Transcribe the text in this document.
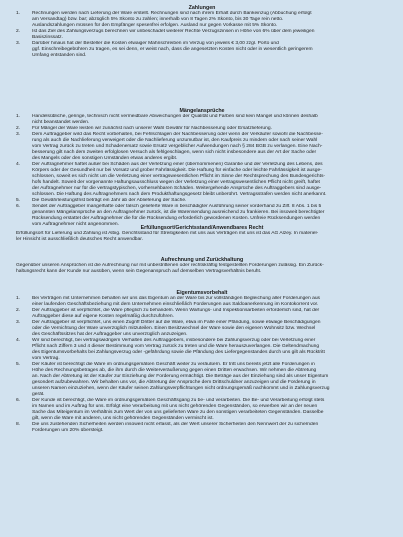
Zahlungen
1.	Rechnungen werden nach Lieferung der Ware erstellt. Rechnungen sind nach ihrem Erhalt durch Bankeinzug (Abbuchung erfolgt
am Versandtag) bzw. bar; abzüglich 5% Skonto zu zahlen; innerhalb von 8 Tagen 2% Skonto, bis 30 Tage rein netto.
Auslandszahlungen müssen für den Empfänger spesenfrei erfolgen. Ausland nur gegen Vorkasse mit 5% Skonto.
2.	Ist das Ziel des Zahlungsverzugs berechnen wir unbeschadet weiterer Rechte Verzugszinsen in Höhe von 6% über dem jeweiligen
Basiszinssatz.
3.	Darüber hinaus hat der Besteller die Kosten etwaiger Mahnschreiben im Verzug von jeweils € 3,00 zzgl. Porto und
ggf. Einschreibegebühren zu tragen, es sei denn, er weist nach, dass die angesetzten Kosten nicht oder in wesentlich geringerem
Umfang entstanden sind.
Mängelansprüche
1.	Handelsübliche, geringe, technisch nicht vermeidbare Abweichungen der Qualität und Farben sind kein Mangel und können deshalb
nicht beanstandet werden.
2.	Für Mängel der Ware leisten wir zunächst nach unserer Wahl Gewähr für Nachbesserung oder Ersatzlieferung.
3.	Dem Auftraggeber wird das Recht vorbehalten, bei Fehlschlagen der Nachbesserung oder wenn der Verkäufer sowohl die Nachbesse-
rung als auch die Nachlieferung verweigert oder die Nachlieferung unzumutbar ist, den Kaufpreis zu mindern oder nach seiner Wahl
vom Vertrag zurück zu treten und Schadenersatz sowie Ersatz vergeblicher Aufwendungen nach § 284 BGB zu verlangen. Eine Nach-
besserung gilt nach dem zweiten erfolglosen Versuch als fehlgeschlagen, wenn sich nicht insbesondere aus der Art der Sache oder
des Mangels oder den sonstigen Umständen etwas anderes ergibt.
4.	Der Auftragnehmer haftet außer bei Schäden aus der Verletzung einer (übernommenen) Garantie und der Verletzung des Lebens, des
Körpers oder der Gesundheit nur bei Vorsatz und grober Fahrlässigkeit. Die Haftung für einfache oder leichte Fahrlässigkeit ist ausge-
schlossen, soweit es sich nicht um die Verletzung einer vertragswesentlichen Pflicht im Sinne der Rechtsprechung des Bundesgerichts-
hofs handelt. Soweit der vorgenannte Haftungsausschluss wegen der Verletzung einer vertragswesentlichen Pflicht nicht greift, haftet
der Auftragnehmer nur für die vertragstypischen, vorhersehbaren Schäden. Weitergehende Ansprüche des Auftraggebers sind ausge-
schlossen. Die Haftung des Auftragnehmers nach dem Produkthaftungsgesetz bleibt unberührt. Vertragsstrafen werden nicht anerkannt.
5.	Die Gewährleistungsfrist beträgt ein Jahr ab der Ablieferung der Sache.
6.	Sendet der Auftraggeber mangelhafte oder falsch gelieferte Ware in beschädigter Ausführung seiner vorderhand zu Ziff. 8 Abs. 1 bis 5
genannten Mängelansprüche an den Auftragnehmer zurück, ist die Warensendung ausreichend zu frankieren. Bei insoweit berechtigter
Rücksendung erstattet der Auftragnehmer die für die Rücksendung erforderlich gewordenen Kosten. Unfreie Rücksendungen werden
vom Auftragnehmer nicht angenommen.
Erfüllungsort/Gerichtsstand/Anwendbares Recht
Erfüllungsort für Lieferung und Zahlung ist Albig. Gerichtsstand für Streitigkeiten mit uns aus Verträgen mit uns ist das AG Alzey. In materiel-
ler Hinsicht ist ausschließlich deutsches Recht anwendbar.
Aufrechnung und Zurückhaltung
Gegenüber unseren Ansprüchen ist die Aufrechnung nur mit unbestrittenen oder rechtskräftig festgestellten Forderungen zulässig. Ein Zurück-
haltungsrecht kann der Kunde nur ausüben, wenn sein Gegenanspruch auf demselben Vertragsverhältnis beruht.
Eigentumsvorbehalt
1.	Bei Verträgen mit Unternehmen behalten wir uns das Eigentum an der Ware bis zur vollständigen Begleichung aller Forderungen aus
einer laufenden Geschäftsbeziehung mit dem Unternehmen einschließlich Forderungen aus Saldoanerkennung im Kontokorrent vor.
2.	Der Auftraggeber ist verpflichtet, die Ware pfleglich zu behandeln. Wenn Wartungs- und Inspektionsarbeiten erforderlich sind, hat der
Auftraggeber diese auf eigene Kosten regelmäßig durchzuführen.
3.	Der Auftraggeber ist verpflichtet, uns einen Zugriff Dritter auf die Ware, etwa im Falle einer Pfändung, sowie etwaige Beschädigungen
oder die Vernichtung der Ware unverzüglich mitzuteilen. Einen Besitzwechsel der Ware sowie den eigenen Wohnsitz bzw. Wechsel
des Geschäftssitzes hat der Auftraggeber uns unverzüglich anzuzeigen.
4.	Wir sind berechtigt, bei vertragswidrigem Verhalten des Auftraggebers, insbesondere bei Zahlungsverzug oder bei Verletzung einer
Pflicht nach Ziffern 3 und 4 dieser Bestimmung vom Vertrag zurück zu treten und die Ware herauszuverlangen. Die Geltendmachung
des Eigentumsvorbehalts bei Zahlungsverzug oder -gefährdung sowie die Pfändung des Liefergegenstandes durch uns gilt als Rücktritt
vom Vertrag.
5.	Der Käufer ist berechtigt die Ware im ordnungsgemäßen Geschäft weiter zu veräußern. Er tritt uns bereits jetzt alle Forderungen in
Höhe des Rechnungsbetrages ab, die ihm durch die Weiterveräußerung gegen einen Dritten erwachsen. Wir nehmen die Abtretung
an. Nach der Abtretung ist der Käufer zur Einziehung der Forderung ermächtigt. Die Beträge aus der Einziehung sind als unser Eigentum
gesondert aufzubewahren. Wir behalten uns vor, die Abtretung der Ansprüche dem Drittschuldner anzuzeigen und die Forderung in
unseren Namen einzuziehen, wenn der Käufer seinen Zahlungsverpflichtungen nicht ordnungsgemäß nachkommt und in Zahlungsverzug
gerät.
6.	Der Kunde ist berechtigt, die Ware im ordnungsgemäßen Geschäftsgang zu be- und verarbeiten. Die Be- und Verarbeitung erfolgt stets
im Namen und im Auftrag für uns. Erfolgt eine Verarbeitung mit uns nicht gehörenden Gegenständen, so erwerben wir an der neuen
Sache das Miteigentum im Verhältnis zum Wert der von uns gelieferten Ware zu den sonstigen verarbeiteten Gegenständen. Dasselbe
gilt, wenn die Ware mit anderen, uns nicht gehörenden Gegenständen vermischt ist.
8.	Die uns zustehenden Sicherheiten werden insoweit nicht erfasst, als der Wert unserer Sicherheiten den Nennwert der zu sichernden
Forderungen um 20% übersteigt.
